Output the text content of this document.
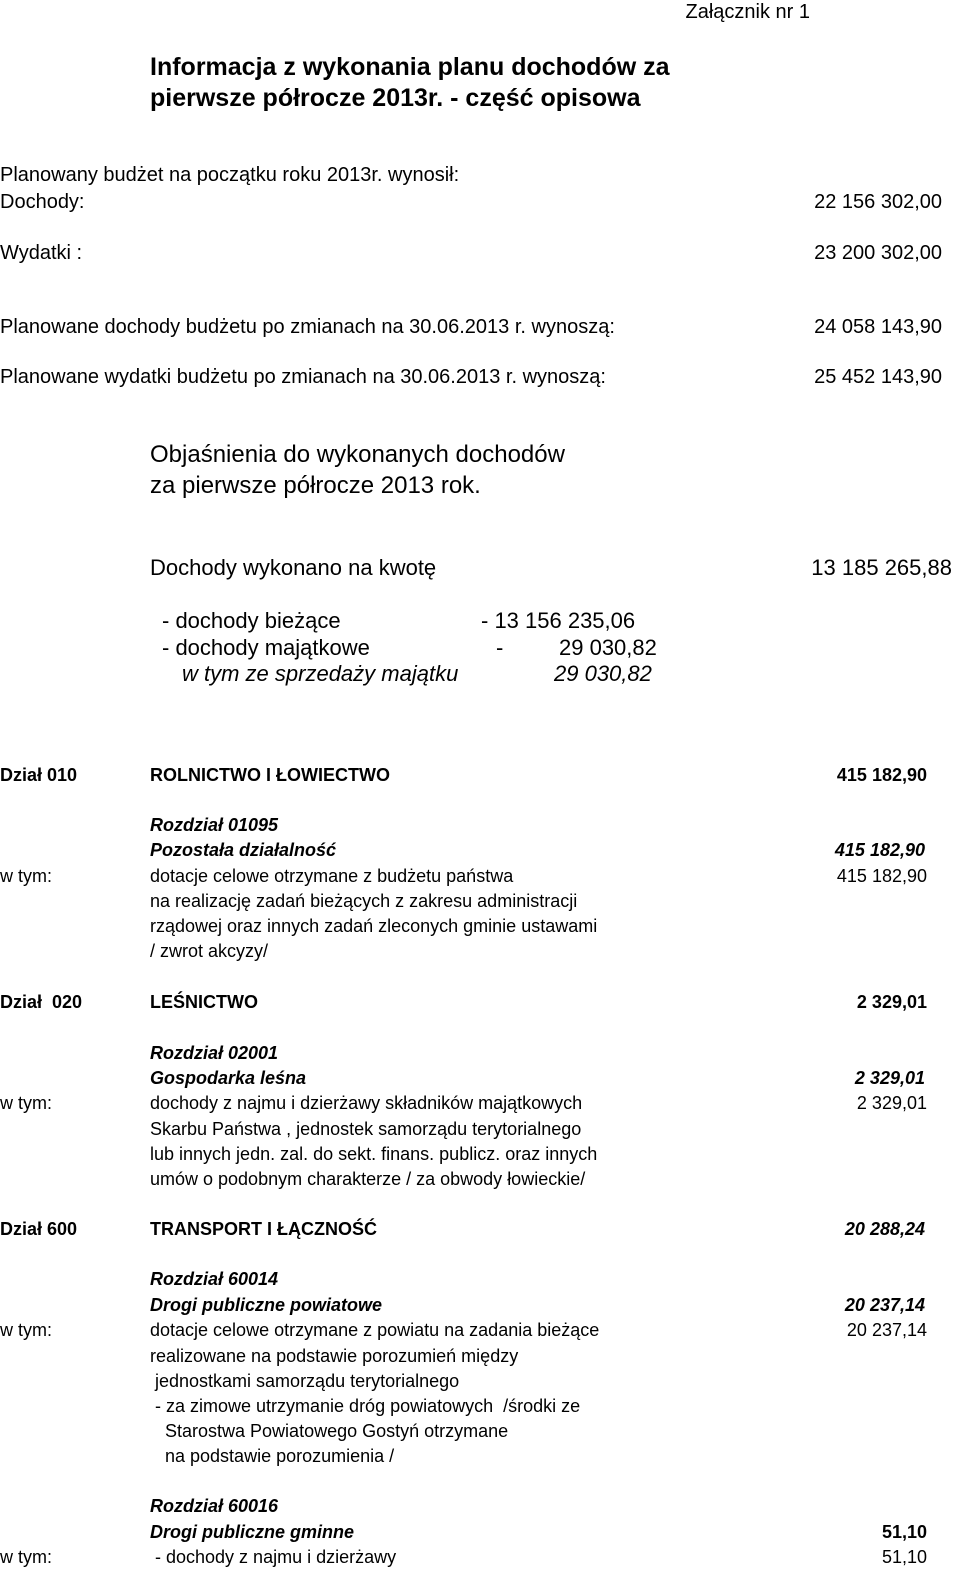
Załącznik nr 1
Informacja z wykonania planu dochodów za
pierwsze półrocze 2013r. - część opisowa
Planowany budżet na początku roku 2013r. wynosił:
Dochody:	22 156 302,00
Wydatki :	23 200 302,00
Planowane dochody budżetu po zmianach na 30.06.2013 r. wynoszą:	24 058 143,90
Planowane wydatki budżetu po zmianach na 30.06.2013 r. wynoszą:	25 452 143,90
Objaśnienia do wykonanych dochodów
za pierwsze półrocze 2013 rok.
Dochody wykonano na kwotę	13 185 265,88
- dochody bieżące	- 13 156 235,06
- dochody majątkowe	-	29 030,82
w tym ze sprzedaży majątku	29 030,82
Dział 010	ROLNICTWO I ŁOWIECTWO	415 182,90
Rozdział 01095
Pozostała działalność	415 182,90
w tym:	dotacje celowe otrzymane z budżetu państwa	415 182,90
na realizację zadań bieżących z zakresu administracji
rządowej oraz innych zadań zleconych gminie ustawami
/ zwrot akcyzy/
Dział  020	LEŚNICTWO	2 329,01
Rozdział 02001
Gospodarka leśna	2 329,01
w tym:	dochody z najmu i dzierżawy składników majątkowych	2 329,01
Skarbu Państwa , jednostek samorządu terytorialnego
lub innych jedn. zal. do sekt. finans. publicz. oraz innych
umów o podobnym charakterze / za obwody łowieckie/
Dział 600	TRANSPORT I ŁĄCZNOŚĆ	20 288,24
Rozdział 60014
Drogi publiczne powiatowe	20 237,14
w tym:	dotacje celowe otrzymane z powiatu na zadania bieżące	20 237,14
realizowane na podstawie porozumień między
jednostkami samorządu terytorialnego
- za zimowe utrzymanie dróg powiatowych  /środki ze
Starostwa Powiatowego Gostyń otrzymane
na podstawie porozumienia /
Rozdział 60016
Drogi publiczne gminne	51,10
w tym:	- dochody z najmu i dzierżawy	51,10
